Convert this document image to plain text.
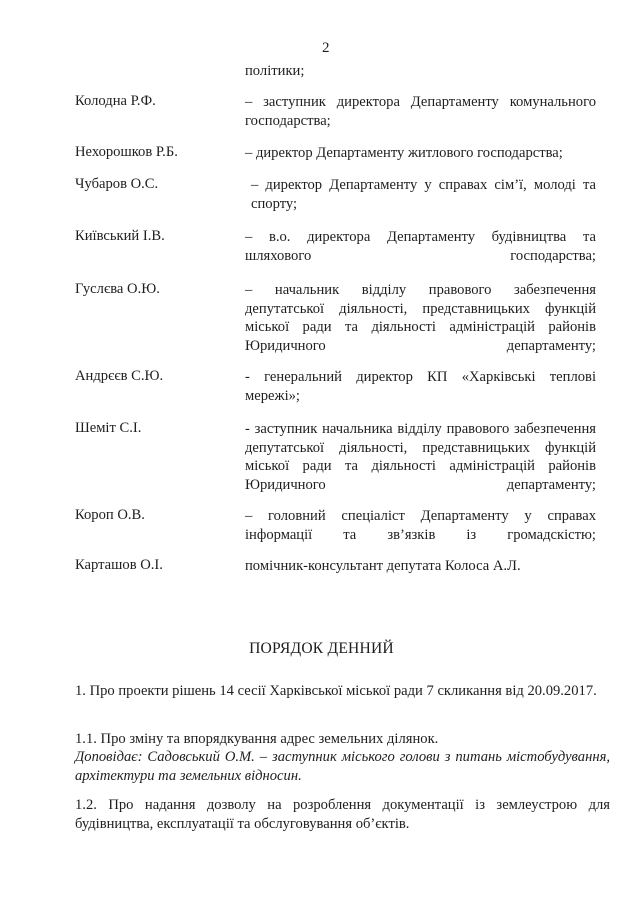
2
політики;
Колодна Р.Ф.	– заступник директора Департаменту комунального господарства;
Нехорошков Р.Б.	– директор Департаменту житлового господарства;
Чубаров О.С.	– директор Департаменту у справах сім’ї, молоді та спорту;
Київський І.В.	– в.о. директора Департаменту будівництва та шляхового господарства;
Гуслєва О.Ю.	– начальник відділу правового забезпечення депутатської діяльності, представницьких функцій міської ради та діяльності адміністрацій районів Юридичного департаменту;
Андрєєв С.Ю.	- генеральний директор КП «Харківські теплові мережі»;
Шеміт С.І.	- заступник начальника відділу правового забезпечення депутатської діяльності, представницьких функцій міської ради та діяльності адміністрацій районів Юридичного департаменту;
Короп О.В.	– головний спеціаліст Департаменту у справах інформації та зв’язків із громадскістю;
Карташов О.І.	помічник-консультант депутата Колоса А.Л.
ПОРЯДОК ДЕННИЙ
1. Про проекти рішень 14 сесії Харківської міської ради 7 скликання від 20.09.2017.
1.1. Про зміну та впорядкування адрес земельних ділянок.
Доповідає: Садовський О.М. – заступник міського голови з питань містобудування, архітектури та земельних відносин.
1.2. Про надання дозволу на розроблення документації із землеустрою для будівництва, експлуатації та обслуговування об’єктів.
